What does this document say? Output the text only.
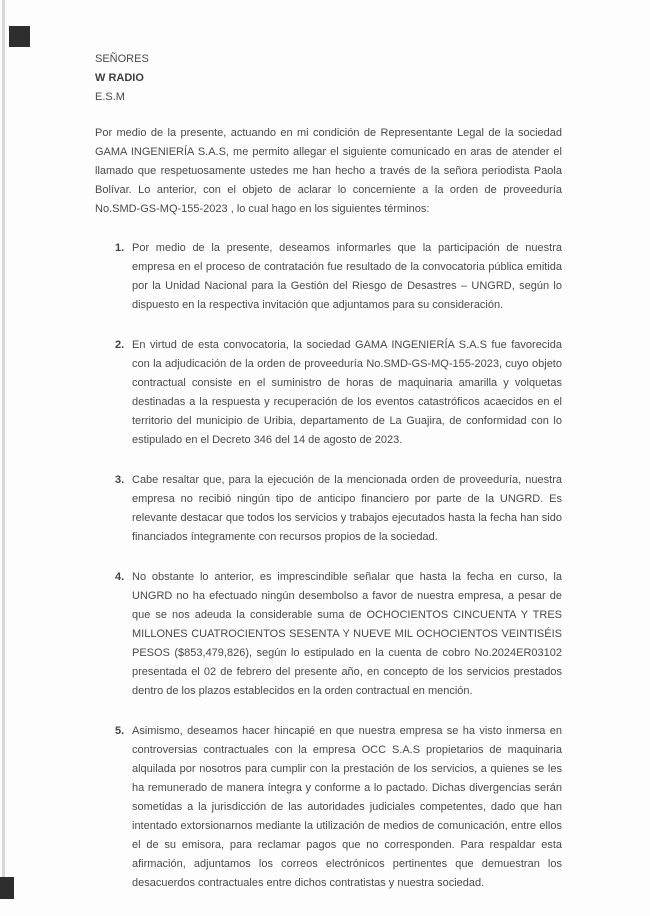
SEÑORES
W RADIO
E.S.M

Por medio de la presente, actuando en mi condición de Representante Legal de la sociedad GAMA INGENIERÍA S.A.S, me permito allegar el siguiente comunicado en aras de atender el llamado que respetuosamente ustedes me han hecho a través de la señora periodista Paola Bolívar. Lo anterior, con el objeto de aclarar lo concerniente a la orden de proveeduría No.SMD-GS-MQ-155-2023 , lo cual hago en los siguientes términos:

1. Por medio de la presente, deseamos informarles que la participación de nuestra empresa en el proceso de contratación fue resultado de la convocatoria pública emitida por la Unidad Nacional para la Gestión del Riesgo de Desastres – UNGRD, según lo dispuesto en la respectiva invitación que adjuntamos para su consideración.
2. En virtud de esta convocatoria, la sociedad GAMA INGENIERÍA S.A.S fue favorecida con la adjudicación de la orden de proveeduría No.SMD-GS-MQ-155-2023, cuyo objeto contractual consiste en el suministro de horas de maquinaria amarilla y volquetas destinadas a la respuesta y recuperación de los eventos catastróficos acaecidos en el territorio del municipio de Uribia, departamento de La Guajira, de conformidad con lo estipulado en el Decreto 346 del 14 de agosto de 2023.
3. Cabe resaltar que, para la ejecución de la mencionada orden de proveeduría, nuestra empresa no recibió ningún tipo de anticipo financiero por parte de la UNGRD. Es relevante destacar que todos los servicios y trabajos ejecutados hasta la fecha han sido financiados íntegramente con recursos propios de la sociedad.
4. No obstante lo anterior, es imprescindible señalar que hasta la fecha en curso, la UNGRD no ha efectuado ningún desembolso a favor de nuestra empresa, a pesar de que se nos adeuda la considerable suma de OCHOCIENTOS CINCUENTA Y TRES MILLONES CUATROCIENTOS SESENTA Y NUEVE MIL OCHOCIENTOS VEINTISÉIS PESOS ($853,479,826), según lo estipulado en la cuenta de cobro No.2024ER03102 presentada el 02 de febrero del presente año, en concepto de los servicios prestados dentro de los plazos establecidos en la orden contractual en mención.
5. Asimismo, deseamos hacer hincapié en que nuestra empresa se ha visto inmersa en controversias contractuales con la empresa OCC S.A.S propietarios de maquinaria alquilada por nosotros para cumplir con la prestación de los servicios, a quienes se les ha remunerado de manera íntegra y conforme a lo pactado. Dichas divergencias serán sometidas a la jurisdicción de las autoridades judiciales competentes, dado que han intentado extorsionarnos mediante la utilización de medios de comunicación, entre ellos el de su emisora, para reclamar pagos que no corresponden. Para respaldar esta afirmación, adjuntamos los correos electrónicos pertinentes que demuestran los desacuerdos contractuales entre dichos contratistas y nuestra sociedad.
